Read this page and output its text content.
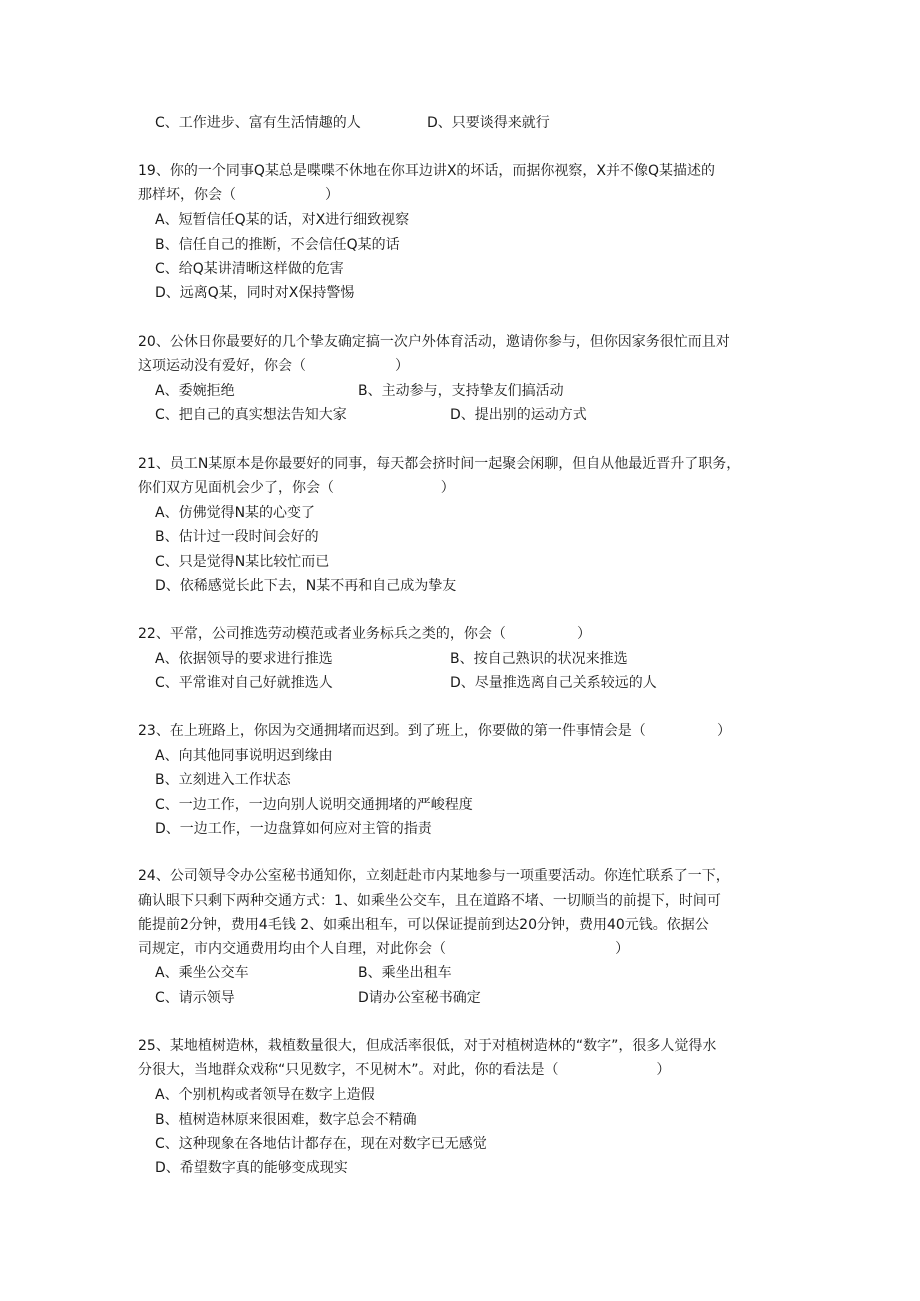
C、工作进步、富有生活情趣的人	D、只要谈得来就行
19、你的一个同事Q某总是喋喋不休地在你耳边讲X的坏话，而据你视察，X并不像Q某描述的
那样坏，你会（                    ）
A、短暂信任Q某的话，对X进行细致视察
B、信任自己的推断，不会信任Q某的话
C、给Q某讲清晰这样做的危害
D、远离Q某，同时对X保持警惕
20、公休日你最要好的几个挚友确定搞一次户外体育活动，邀请你参与，但你因家务很忙而且对
这项运动没有爱好，你会（                    ）
A、委婉拒绝	B、主动参与，支持挚友们搞活动
C、把自己的真实想法告知大家	D、提出别的运动方式
21、员工N某原本是你最要好的同事，每天都会挤时间一起聚会闲聊，但自从他最近晋升了职务，
你们双方见面机会少了，你会（                        ）
A、仿佛觉得N某的心变了
B、估计过一段时间会好的
C、只是觉得N某比较忙而已
D、依稀感觉长此下去，N某不再和自己成为挚友
22、平常，公司推选劳动模范或者业务标兵之类的，你会（                ）
A、依据领导的要求进行推选	B、按自己熟识的状况来推选
C、平常谁对自己好就推选人	D、尽量推选离自己关系较远的人
23、在上班路上，你因为交通拥堵而迟到。到了班上，你要做的第一件事情会是（                ）
A、向其他同事说明迟到缘由
B、立刻进入工作状态
C、一边工作，一边向别人说明交通拥堵的严峻程度
D、一边工作，一边盘算如何应对主管的指责
24、公司领导令办公室秘书通知你，立刻赶赴市内某地参与一项重要活动。你连忙联系了一下，
确认眼下只剩下两种交通方式：1、如乘坐公交车，且在道路不堵、一切顺当的前提下，时间可
能提前2分钟，费用4毛钱 2、如乘出租车，可以保证提前到达20分钟，费用40元钱。依据公
司规定，市内交通费用均由个人自理，对此你会（                                      ）
A、乘坐公交车	B、乘坐出租车
C、请示领导	D请办公室秘书确定
25、某地植树造林，栽植数量很大，但成活率很低，对于对植树造林的“数字”，很多人觉得水
分很大，当地群众戏称“只见数字，不见树木”。对此，你的看法是（                      ）
A、个别机构或者领导在数字上造假
B、植树造林原来很困难，数字总会不精确
C、这种现象在各地估计都存在，现在对数字已无感觉
D、希望数字真的能够变成现实
